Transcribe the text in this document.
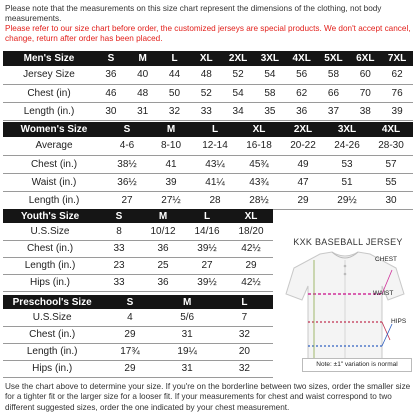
Please note that the measurements on this size chart represent the dimensions of the clothing, not body measurements.
Please refer to our size chart before order, the customized jerseys are special products. We don't accept cancel, change, return after order has been placed.
Men's Size	S	M	L	XL	2XL	3XL	4XL	5XL	6XL	7XL
Jersey Size	36	40	44	48	52	54	56	58	60	62
Chest (in)	46	48	50	52	54	58	62	66	70	76
Length (in.)	30	31	32	33	34	35	36	37	38	39
Women's Size	S	M	L	XL	2XL	3XL	4XL
Average	4-6	8-10	12-14	16-18	20-22	24-26	28-30
Chest (in.)	38½	41	43¼	45¾	49	53	57
Waist (in.)	36½	39	41¼	43¾	47	51	55
Length (in.)	27	27½	28	28½	29	29½	30
Youth's Size	S	M	L	XL
U.S.Size	8	10/12	14/16	18/20
Chest (in.)	33	36	39½	42½
Length (in.)	23	25	27	29
Hips (in.)	33	36	39½	42½
Preschool's Size	S	M	L
U.S.Size	4	5/6	7
Chest (in.)	29	31	32
Length (in.)	17¾	19¼	20
Hips (in.)	29	31	32
KXK BASEBALL JERSEY
CHEST
WAIST
HIPS
Note: ±1" variation is normal
Use the chart above to determine your size. If you're on the borderline between two sizes, order the smaller size for a tighter fit or the larger size for a looser fit. If your measurements for chest and waist correspond to two different suggested sizes, order the one indicated by your chest measurement.
